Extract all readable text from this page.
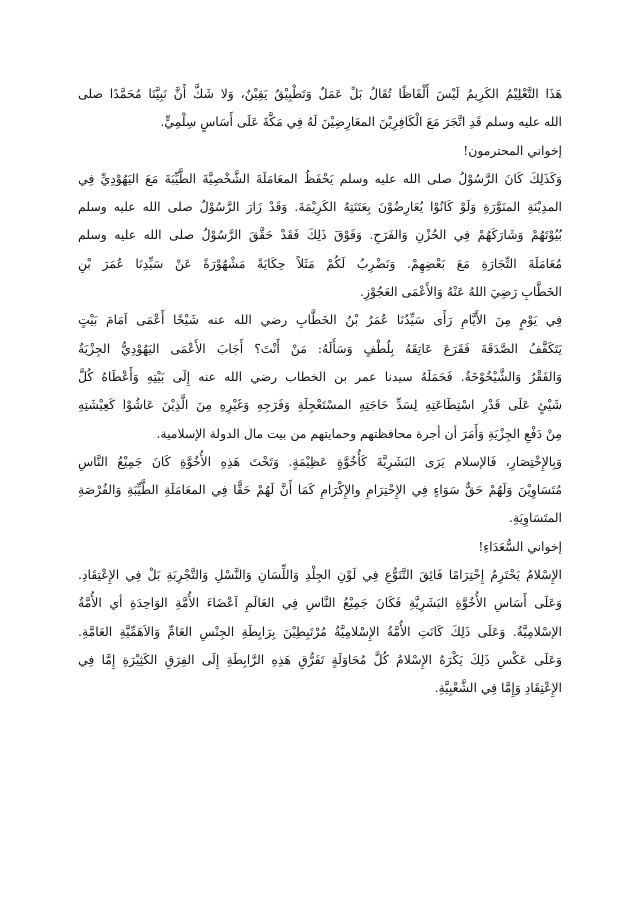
هَذَا التَّعْلِيْمُ الكَرِيمُ لَيْسَ أَلْفَاظًا تُقَالُ بَلْ عَمَلٌ وَتَطْبِيْقٌ يَقِيْنٌ، وَلا شَكَّ أَنَّ نَبِيَّنَا مُحَمَّدًا صلى
الله عليه وسلم قَدِ اتَّجَرَ مَعَ الْكَافِرِيْنَ المعَارِضِيْنَ لَهُ فِي مَكَّةَ عَلَى أَسَاسٍ سِلْمِيٍّ.
إخواني المحترمون!
وَكَذَلِكَ كَانَ الرَّسُوْلُ صلى الله عليه وسلم يَحْفَظُ المعَامَلَةَ الشَّخْصِيَّةَ الطَّيِّبَةَ مَعَ اليَهُوْدِيِّ فِي
المدِيْنَةِ المنَوَّرَةِ وَلَوْ كَانُوْا يُعَارِضُوْنَ بِعَتَنَتِهُ الكَرِيْمَةَ. وَقَدْ زَارَ الرَّسُوْلُ صلى الله عليه وسلم
بُيُوْتَهُمْ وَشَارَكَهُمْ فِي الحُزْنِ وَالفَرَحِ. وَفَوْقَ ذَلِكَ فَقَدْ حَقَّقَ الرَّسُوْلُ صلى الله عليه وسلم
مُعَامَلَةَ التِّجَارَةِ مَعَ بَعْضِهِمْ. وَنَضْرِبُ لَكُمْ مَثَلاً حِكَايَةً مَشْهُوْرَةً عَنْ سَيِّدِنَا عُمَرَ بْنِ
الخَطَّابِ رَضِيَ اللهُ عَنْهُ وَالأَعْمَى العَجُوْزِ.
فِي يَوْمٍ مِنَ الأَيَّامِ رَأَى سَيِّدُنَا عُمَرُ بْنُ الخَطَّابِ رضي الله عنه شَيْخًا أَعْمَى اَمَامَ بَيْتٍ
يَتَكَفَّفُ الصَّدَقَةَ فَقَرَعَ عَاتِقَهُ بِلُطْفٍ وَسَأَلَهُ: مَنْ أَنْتَ؟ أَجَابَ الأَعْمَى اليَهُوْدِيُّ الجِزْيَةُ
وَالفَقْرُ وَالشَّيْخُوْخَةُ. فَحَمَلَهُ سيدنا عمر بن الخطاب رضي الله عنه إِلَى بَيْتِهِ وَأَعْطَاهُ كُلَّ
شَيْئٍ عَلَى قَدْرِ اسْتِطَاعَتِهِ لِسَدِّ حَاجَتِهِ المسْتَعْجِلَةِ وَفَرَجِهِ وَغَيْرِهِ مِنَ الَّذِيْنَ عَاشُوْا كَعِيْشَتِهِ
مِنْ دَفْعِ الجِزْيَةِ وَأَمَرَ أن أجرة محافظتهم وحمايتهم من بيت مال الدولة الإسلامية.
وَبِالإِخْتِصَارِ، فَالإسلام يَرَى البَشَرِيَّةَ كَأُخُوَّةٍ عَظِيْمَةٍ. وَتَحْتَ هَذِهِ الأُخُوَّةِ كَانَ جَمِيْعُ النَّاسِ
مُتَسَاوِيْنَ وَلَهُمْ حَقٌّ سَوَاءٍ فِي الإِحْتِرَامِ والإِكْرَامِ كَمَا أَنَّ لَهُمْ حَقًّا فِي المعَامَلَةِ الطَّيِّبَةِ وَالفُرْصَةِ
المتَسَاوِيَةِ.
إخواني السُّعَدَاءِ!
الإِسْلامُ يَحْتَرِمُ إِحْتِرَامًا فَائِقَ التَّنَوُّعِ فِي لَوْنِ الجِلْدِ وَاللِّسَانِ وَالنَّسْلِ وَالتَّجْرِبَةِ بَلْ فِي الإِعْتِقَادِ.
وَعَلَى أَسَاسِ الأُخُوَّةِ البَشَرِيَّةِ فَكَانَ جَمِيْعُ النَّاسِ فِي العَالَمِ اَعْضَاءَ الأُمَّةِ الوَاحِدَةِ أي الأُمَّةُ
الإسْلامِيَّةُ. وَعَلَى ذَلِكَ كَانَتِ الأُمَّةُ الإِسْلامِيَّةُ مُرْتَبِطِيْنَ بِرَابِطَةِ الجِنْسِ العَامِّ وَالاَهَمِّيَّةِ العَامَّةِ.
وَعَلَى عَكْسِ ذَلِكَ يَكْرَهُ الإِسْلامُ كُلَّ مُحَاوَلَةٍ تَفَرُّقِ هَذِهِ الرَّابِطَةِ إِلَى الفِرَقِ الكَثِيْرَةِ إِمَّا فِي
الإِعْتِقَادِ وَإِمَّا فِي الشَّعْبِيَّةِ.
